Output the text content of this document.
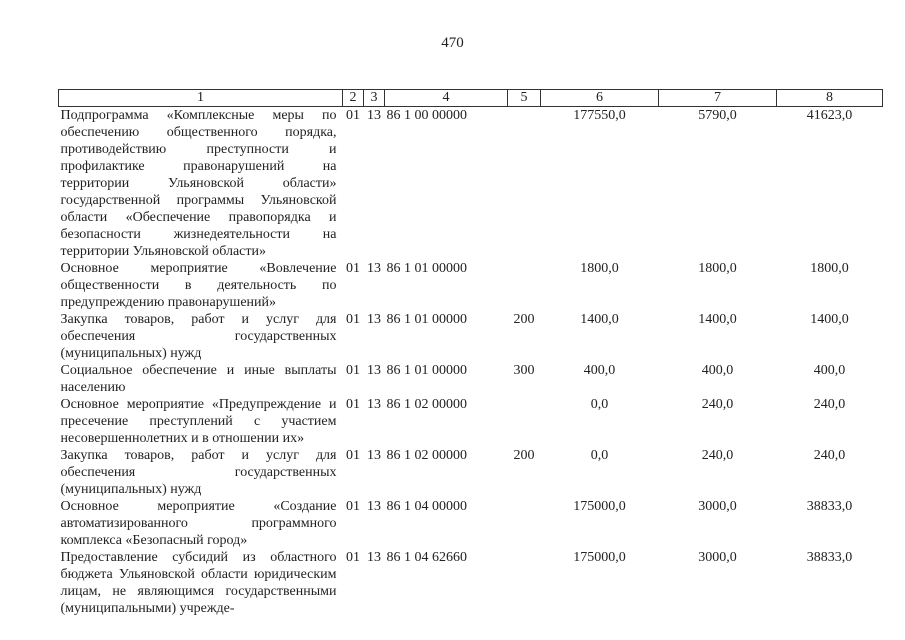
470
1	2	3	4	5	6	7	8
Подпрограмма «Комплексные меры по обеспечению общественного порядка, противодействию преступности и профилактике правонарушений на территории Ульяновской области» государственной программы Ульяновской области «Обеспечение правопорядка и безопасности жизнедеятельности на территории Ульяновской области»	01	13	86 1 00 00000		177550,0	5790,0	41623,0
Основное мероприятие «Вовлечение общественности в деятельность по предупреждению правонарушений»	01	13	86 1 01 00000		1800,0	1800,0	1800,0
Закупка товаров, работ и услуг для обеспечения государственных (муниципальных) нужд	01	13	86 1 01 00000	200	1400,0	1400,0	1400,0
Социальное обеспечение и иные выплаты населению	01	13	86 1 01 00000	300	400,0	400,0	400,0
Основное мероприятие «Предупреждение и пресечение преступлений с участием несовершеннолетних и в отношении их»	01	13	86 1 02 00000		0,0	240,0	240,0
Закупка товаров, работ и услуг для обеспечения государственных (муниципальных) нужд	01	13	86 1 02 00000	200	0,0	240,0	240,0
Основное мероприятие «Создание автоматизированного программного комплекса «Безопасный город»	01	13	86 1 04 00000		175000,0	3000,0	38833,0
Предоставление субсидий из областного бюджета Ульяновской области юридическим лицам, не являющимся государственными (муниципальными) учрежде-	01	13	86 1 04 62660		175000,0	3000,0	38833,0
